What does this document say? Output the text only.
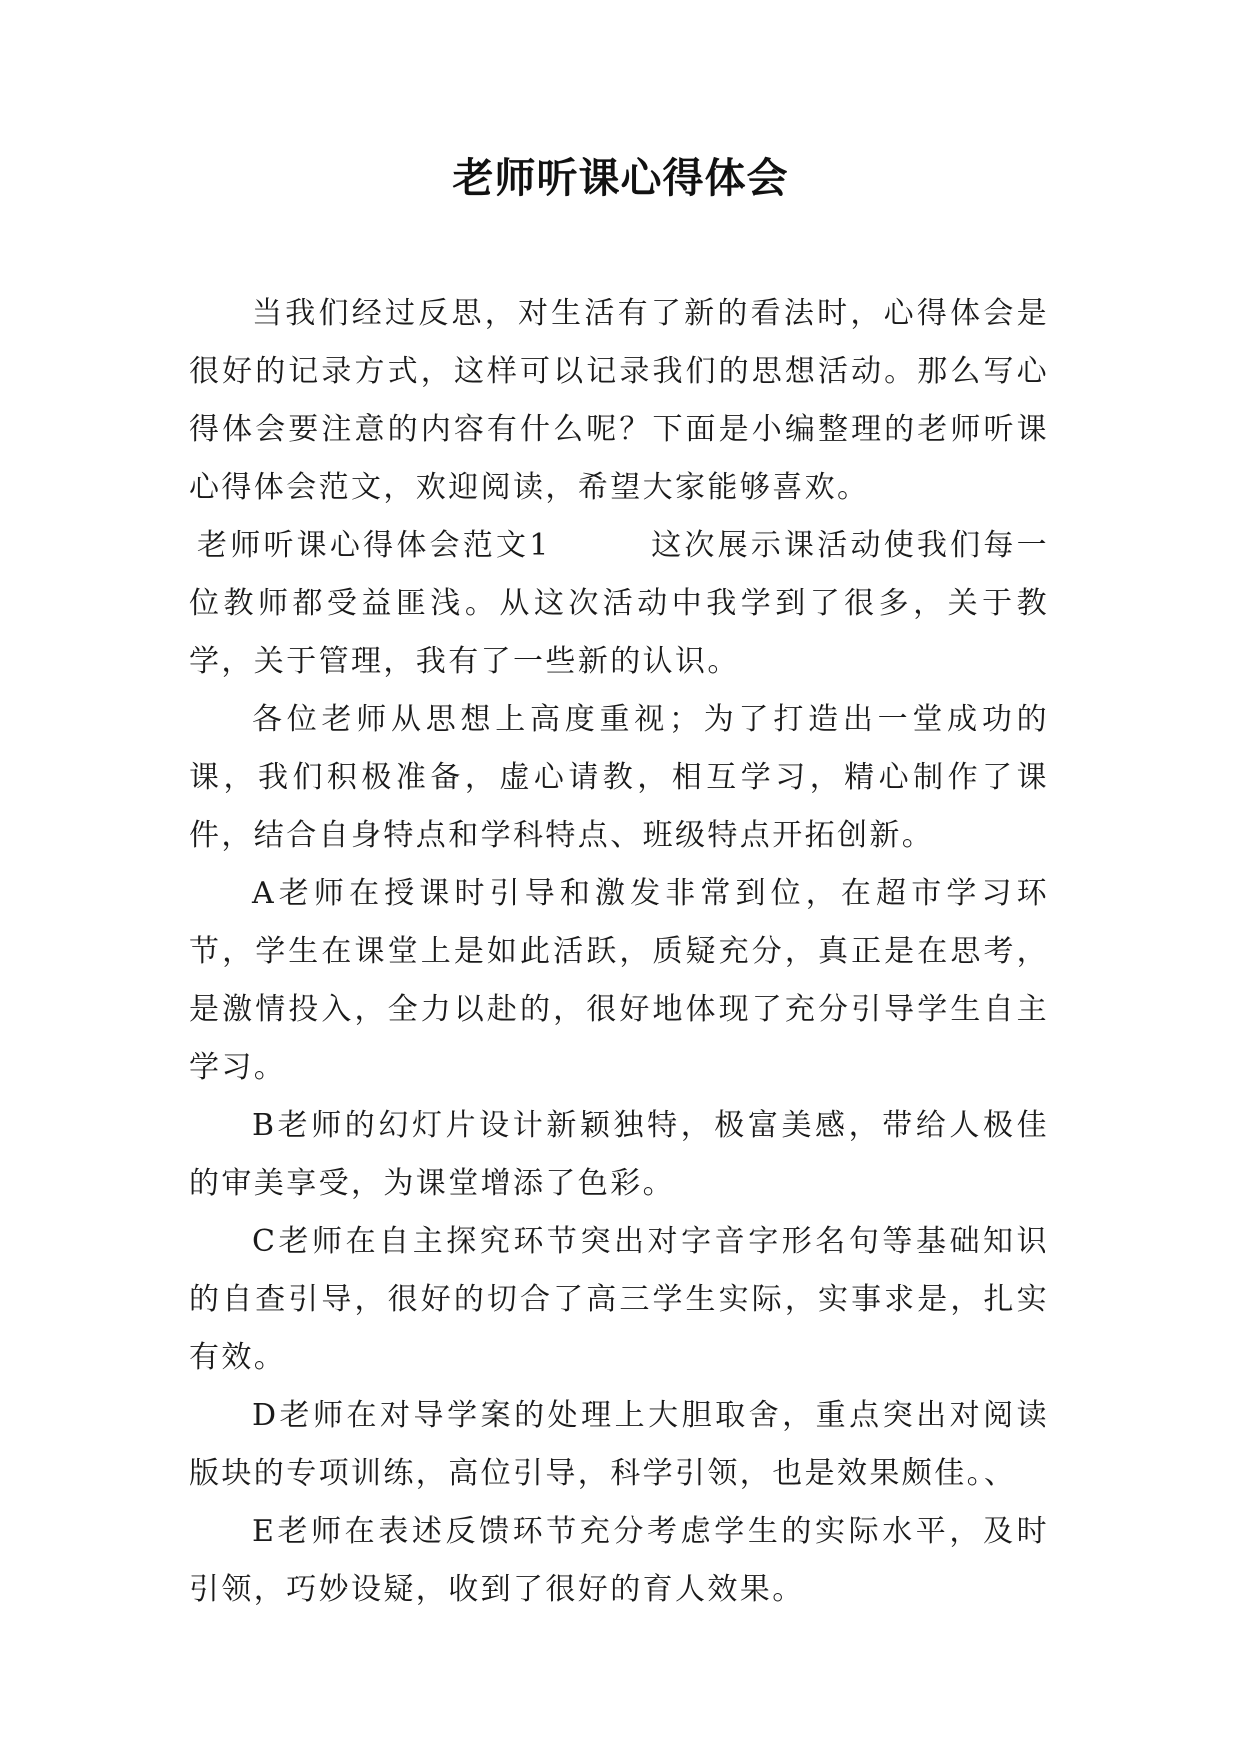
老师听课心得体会

当我们经过反思，对生活有了新的看法时，心得体会是很好的记录方式，这样可以记录我们的思想活动。那么写心得体会要注意的内容有什么呢？下面是小编整理的老师听课心得体会范文，欢迎阅读，希望大家能够喜欢。

老师听课心得体会范文1　　　这次展示课活动使我们每一位教师都受益匪浅。从这次活动中我学到了很多，关于教学，关于管理，我有了一些新的认识。

各位老师从思想上高度重视；为了打造出一堂成功的课，我们积极准备，虚心请教，相互学习，精心制作了课件，结合自身特点和学科特点、班级特点开拓创新。

A老师在授课时引导和激发非常到位，在超市学习环节，学生在课堂上是如此活跃，质疑充分，真正是在思考，是激情投入，全力以赴的，很好地体现了充分引导学生自主学习。

B老师的幻灯片设计新颖独特，极富美感，带给人极佳的审美享受，为课堂增添了色彩。

C老师在自主探究环节突出对字音字形名句等基础知识的自查引导，很好的切合了高三学生实际，实事求是，扎实有效。

D老师在对导学案的处理上大胆取舍，重点突出对阅读版块的专项训练，高位引导，科学引领，也是效果颇佳。、

E老师在表述反馈环节充分考虑学生的实际水平，及时引领，巧妙设疑，收到了很好的育人效果。
